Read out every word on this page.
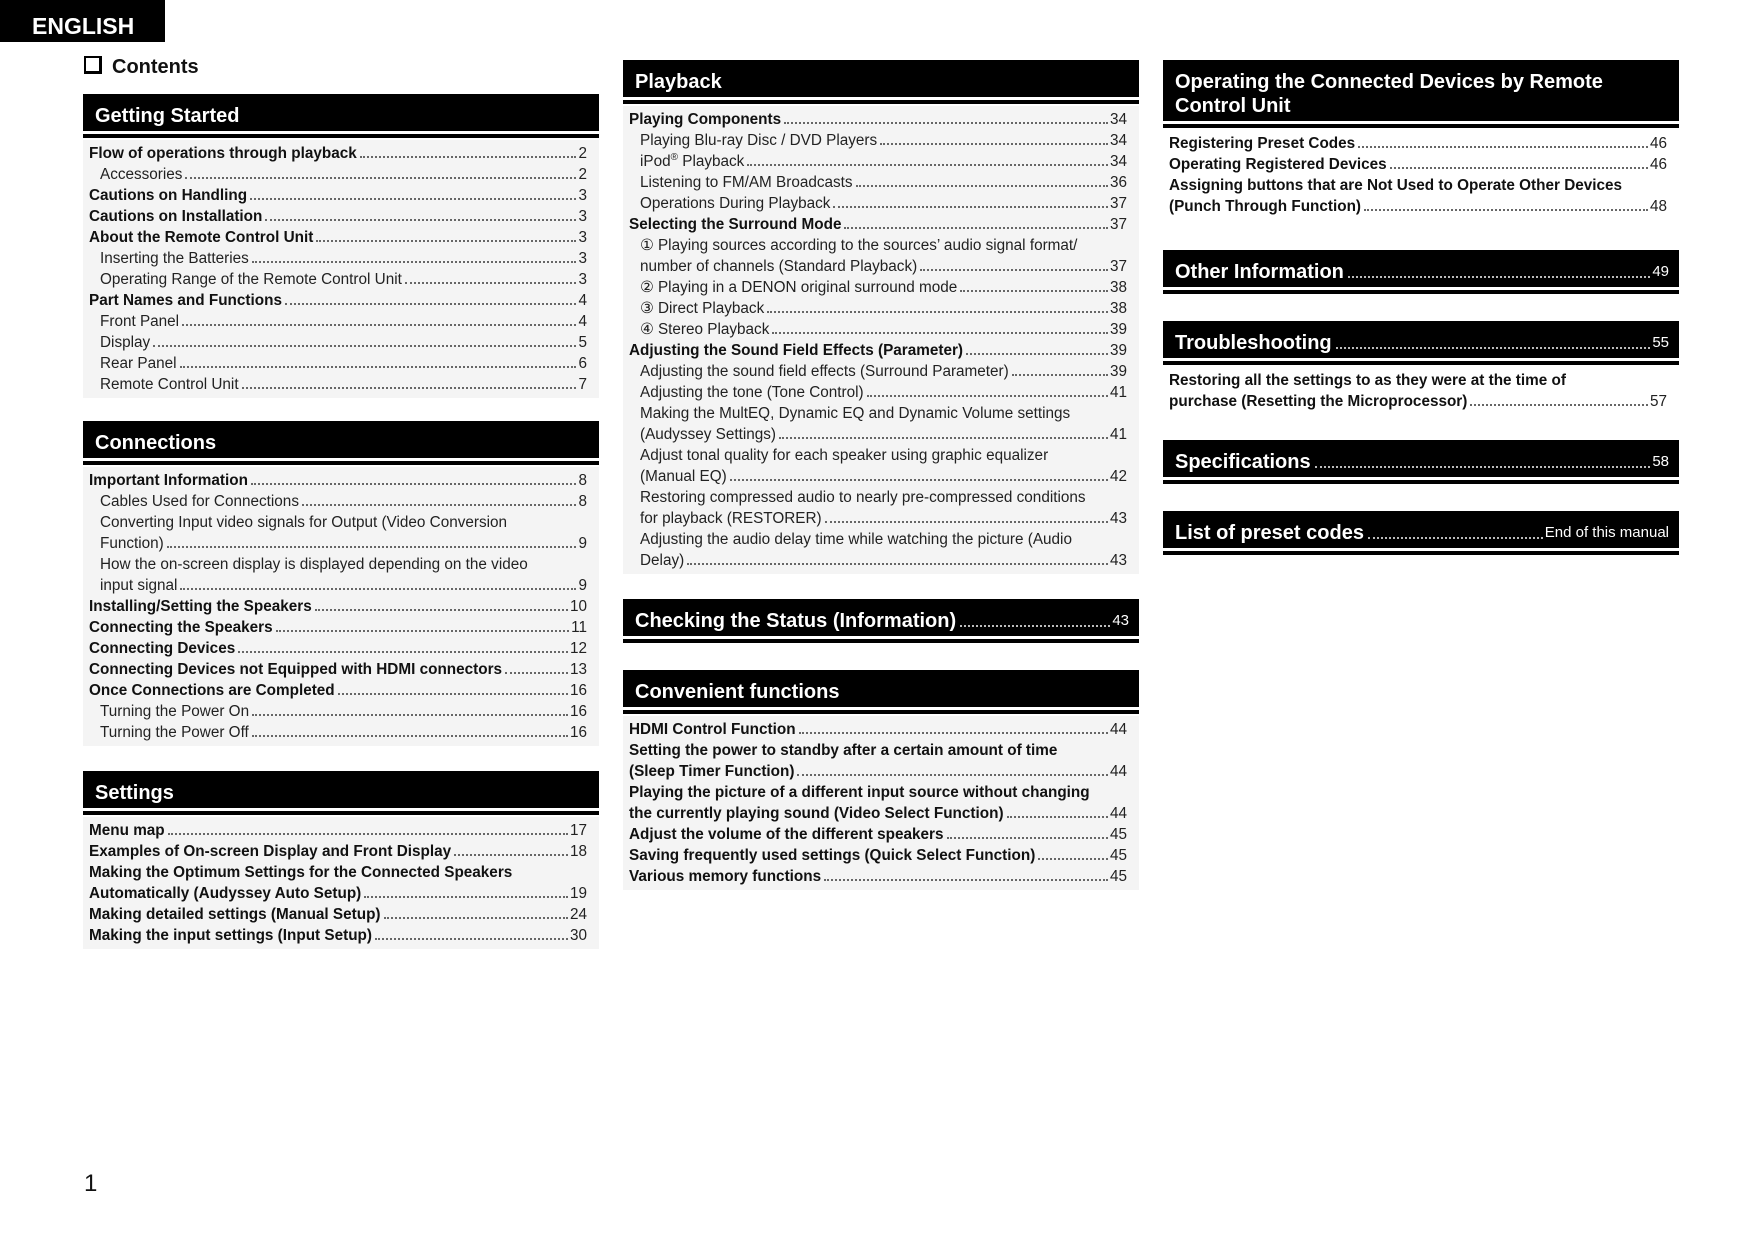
ENGLISH
Contents
Getting Started
Flow of operations through playback	2
Accessories	2
Cautions on Handling	3
Cautions on Installation	3
About the Remote Control Unit	3
Inserting the Batteries	3
Operating Range of the Remote Control Unit	3
Part Names and Functions	4
Front Panel	4
Display	5
Rear Panel	6
Remote Control Unit	7
Connections
Important Information	8
Cables Used for Connections	8
Converting Input video signals for Output (Video Conversion
Function)	9
How the on-screen display is displayed depending on the video
input signal	9
Installing/Setting the Speakers	10
Connecting the Speakers	11
Connecting Devices	12
Connecting Devices not Equipped with HDMI connectors	13
Once Connections are Completed	16
Turning the Power On	16
Turning the Power Off	16
Settings
Menu map	17
Examples of On-screen Display and Front Display	18
Making the Optimum Settings for the Connected Speakers
Automatically (Audyssey Auto Setup)	19
Making detailed settings (Manual Setup)	24
Making the input settings (Input Setup)	30
Playback
Playing Components	34
Playing Blu-ray Disc / DVD Players	34
iPod® Playback	34
Listening to FM/AM Broadcasts	36
Operations During Playback	37
Selecting the Surround Mode	37
① Playing sources according to the sources’ audio signal format/
number of channels (Standard Playback)	37
② Playing in a DENON original surround mode	38
③ Direct Playback	38
④ Stereo Playback	39
Adjusting the Sound Field Effects (Parameter)	39
Adjusting the sound field effects (Surround Parameter)	39
Adjusting the tone (Tone Control)	41
Making the MultEQ, Dynamic EQ and Dynamic Volume settings
(Audyssey Settings)	41
Adjust tonal quality for each speaker using graphic equalizer
(Manual EQ)	42
Restoring compressed audio to nearly pre-compressed conditions
for playback (RESTORER)	43
Adjusting the audio delay time while watching the picture (Audio
Delay)	43
Checking the Status (Information)	43
Convenient functions
HDMI Control Function	44
Setting the power to standby after a certain amount of time
(Sleep Timer Function)	44
Playing the picture of a different input source without changing
the currently playing sound (Video Select Function)	44
Adjust the volume of the different speakers	45
Saving frequently used settings (Quick Select Function)	45
Various memory functions	45
Operating the Connected Devices by Remote Control Unit
Registering Preset Codes	46
Operating Registered Devices	46
Assigning buttons that are Not Used to Operate Other Devices
(Punch Through Function)	48
Other Information	49
Troubleshooting	55
Restoring all the settings to as they were at the time of
purchase (Resetting the Microprocessor)	57
Specifications	58
List of preset codes	End of this manual
1
